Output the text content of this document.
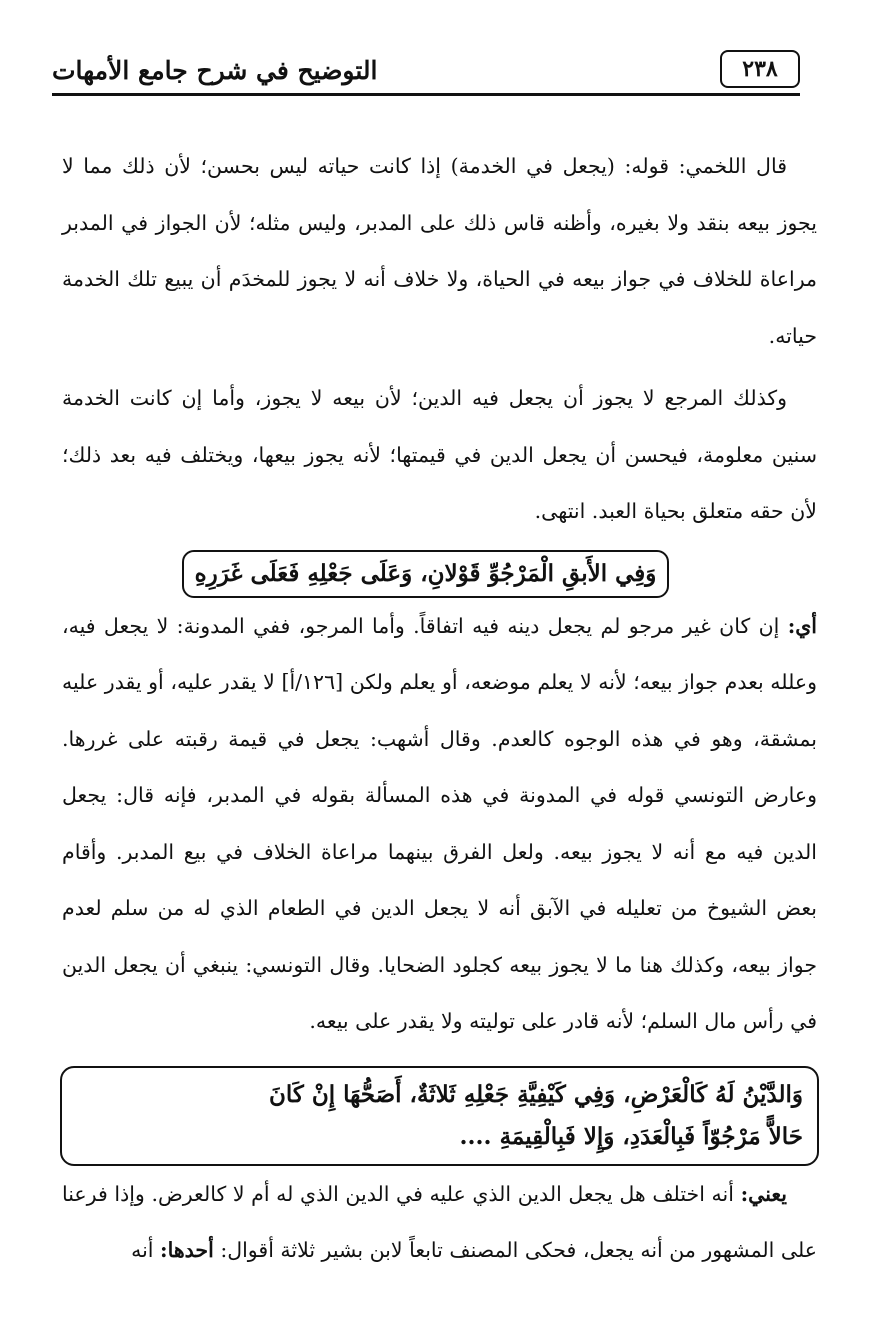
٢٣٨
التوضيح في شرح جامع الأمهات

قال اللخمي: قوله: (يجعل في الخدمة) إذا كانت حياته ليس بحسن؛ لأن ذلك مما لا يجوز بيعه بنقد ولا بغيره، وأظنه قاس ذلك على المدبر، وليس مثله؛ لأن الجواز في المدبر مراعاة للخلاف في جواز بيعه في الحياة، ولا خلاف أنه لا يجوز للمخدَم أن يبيع تلك الخدمة حياته.

وكذلك المرجع لا يجوز أن يجعل فيه الدين؛ لأن بيعه لا يجوز، وأما إن كانت الخدمة سنين معلومة، فيحسن أن يجعل الدين في قيمتها؛ لأنه يجوز بيعها، ويختلف فيه بعد ذلك؛ لأن حقه متعلق بحياة العبد. انتهى.

وَفِي الأَبقِ الْمَرْجُوِّ قَوْلانِ، وَعَلَى جَعْلِهِ فَعَلَى غَرَرِهِ

أي: إن كان غير مرجو لم يجعل دينه فيه اتفاقاً. وأما المرجو، ففي المدونة: لا يجعل فيه، وعلله بعدم جواز بيعه؛ لأنه لا يعلم موضعه، أو يعلم ولكن [١٢٦/أ] لا يقدر عليه، أو يقدر عليه بمشقة، وهو في هذه الوجوه كالعدم. وقال أشهب: يجعل في قيمة رقبته على غررها. وعارض التونسي قوله في المدونة في هذه المسألة بقوله في المدبر، فإنه قال: يجعل الدين فيه مع أنه لا يجوز بيعه. ولعل الفرق بينهما مراعاة الخلاف في بيع المدبر. وأقام بعض الشيوخ من تعليله في الآبق أنه لا يجعل الدين في الطعام الذي له من سلم لعدم جواز بيعه، وكذلك هنا ما لا يجوز بيعه كجلود الضحايا. وقال التونسي: ينبغي أن يجعل الدين في رأس مال السلم؛ لأنه قادر على توليته ولا يقدر على بيعه.

وَالدَّيْنُ لَهُ كَالْعَرْضِ، وَفِي كَيْفِيَّةِ جَعْلِهِ ثَلاثَةٌ، أَصَحُّهَا إِنْ كَانَ
حَالاًّ مَرْجُوّاً فَبِالْعَدَدِ، وَإِلا فَبِالْقِيمَةِ ....

يعني: أنه اختلف هل يجعل الدين الذي عليه في الدين الذي له أم لا كالعرض. وإذا فرعنا على المشهور من أنه يجعل، فحكى المصنف تابعاً لابن بشير ثلاثة أقوال: أحدها: أنه
